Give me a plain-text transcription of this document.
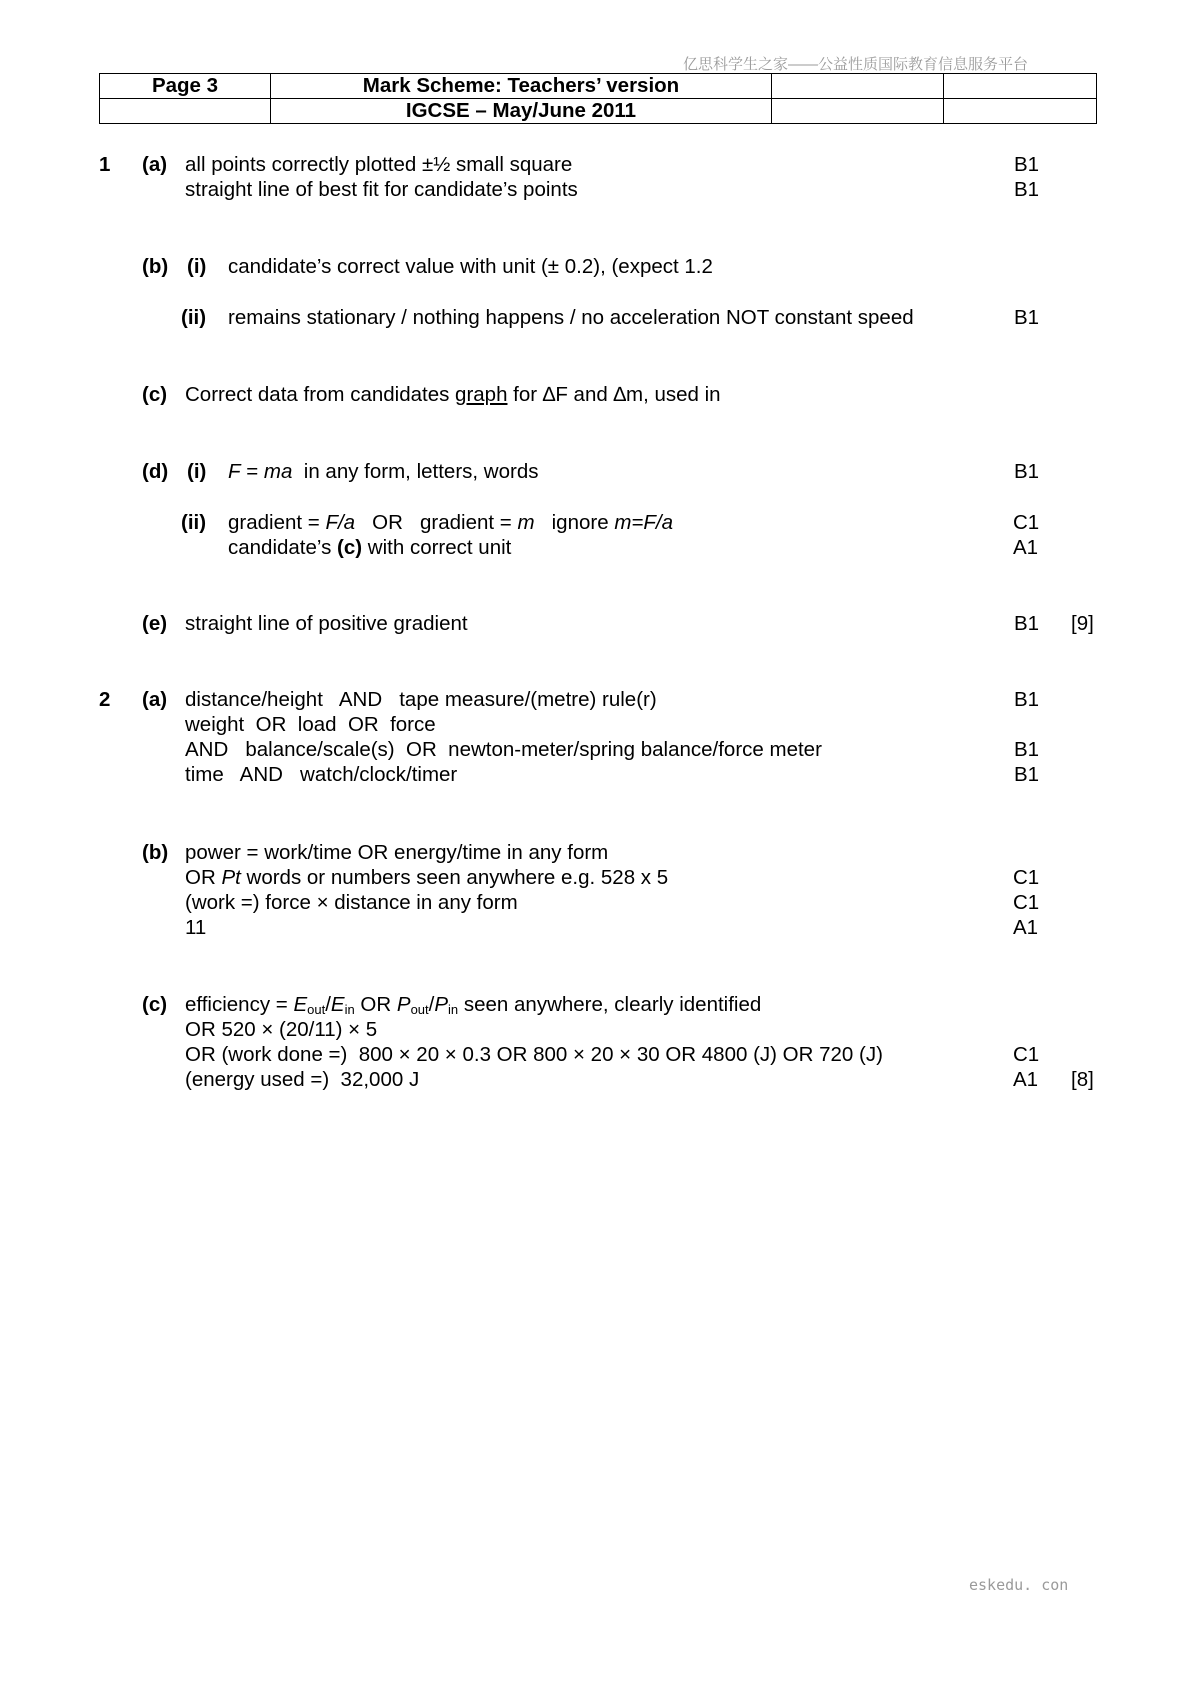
亿思科学生之家——公益性质国际教育信息服务平台
Page 3	Mark Scheme: Teachers’ version		
	IGCSE – May/June 2011		
1 (a) all points correctly plotted ±½ small square	B1
straight line of best fit for candidate’s points	B1
(b) (i) candidate’s correct value with unit (± 0.2), (expect 1.2
(ii) remains stationary / nothing happens / no acceleration NOT constant speed	B1
(c) Correct data from candidates graph for ∆F and ∆m, used in
(d) (i) F = ma  in any form, letters, words	B1
(ii) gradient = F/a   OR   gradient = m   ignore m=F/a	C1
candidate’s (c) with correct unit	A1
(e) straight line of positive gradient	B1 [9]
2 (a) distance/height   AND   tape measure/(metre) rule(r)	B1
weight  OR  load  OR  force
AND   balance/scale(s)  OR  newton-meter/spring balance/force meter	B1
time   AND   watch/clock/timer	B1
(b) power = work/time OR energy/time in any form
OR Pt words or numbers seen anywhere e.g. 528 x 5	C1
(work =) force × distance in any form	C1
11	A1
(c) efficiency = $E_{out}/E_{in}$ OR $P_{out}/P_{in}$ seen anywhere, clearly identified
OR 520 × (20/11) × 5
OR (work done =)  800 × 20 × 0.3 OR 800 × 20 × 30 OR 4800 (J) OR 720 (J)	C1
(energy used =)  32,000 J	A1 [8]
eskedu. con
